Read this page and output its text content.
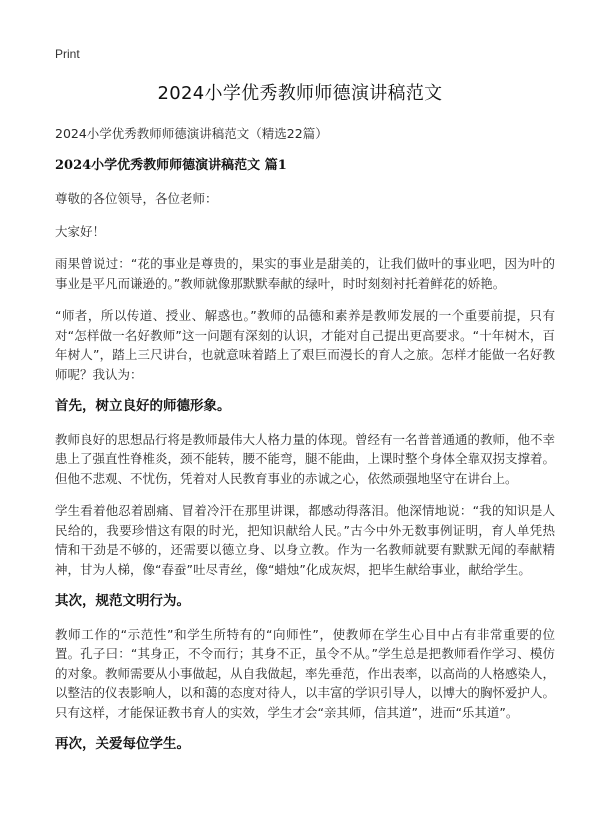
Print
2024小学优秀教师师德演讲稿范文

2024小学优秀教师师德演讲稿范文（精选22篇）

2024小学优秀教师师德演讲稿范文 篇1

尊敬的各位领导，各位老师：

大家好！

雨果曾说过：“花的事业是尊贵的，果实的事业是甜美的，让我们做叶的事业吧，因为叶的事业是平凡而谦逊的。”教师就像那默默奉献的绿叶，时时刻刻衬托着鲜花的娇艳。

“师者，所以传道、授业、解惑也。”教师的品德和素养是教师发展的一个重要前提，只有对“怎样做一名好教师”这一问题有深刻的认识，才能对自己提出更高要求。“十年树木，百年树人”，踏上三尺讲台，也就意味着踏上了艰巨而漫长的育人之旅。怎样才能做一名好教师呢？我认为：

首先，树立良好的师德形象。

教师良好的思想品行将是教师最伟大人格力量的体现。曾经有一名普普通通的教师，他不幸患上了强直性脊椎炎，颈不能转，腰不能弯，腿不能曲，上课时整个身体全靠双拐支撑着。但他不悲观、不忧伤，凭着对人民教育事业的赤诚之心，依然顽强地坚守在讲台上。

学生看着他忍着剧痛、冒着冷汗在那里讲课，都感动得落泪。他深情地说：“我的知识是人民给的，我要珍惜这有限的时光，把知识献给人民。”古今中外无数事例证明，育人单凭热情和干劲是不够的，还需要以德立身、以身立教。作为一名教师就要有默默无闻的奉献精神，甘为人梯，像“春蚕”吐尽青丝，像“蜡烛”化成灰烬，把毕生献给事业，献给学生。

其次，规范文明行为。

教师工作的“示范性”和学生所特有的“向师性”，使教师在学生心目中占有非常重要的位置。孔子曰：“其身正，不令而行；其身不正，虽令不从。”学生总是把教师看作学习、模仿的对象。教师需要从小事做起，从自我做起，率先垂范，作出表率，以高尚的人格感染人，以整洁的仪表影响人，以和蔼的态度对待人，以丰富的学识引导人，以博大的胸怀爱护人。只有这样，才能保证教书育人的实效，学生才会“亲其师，信其道”，进而“乐其道”。

再次，关爱每位学生。
